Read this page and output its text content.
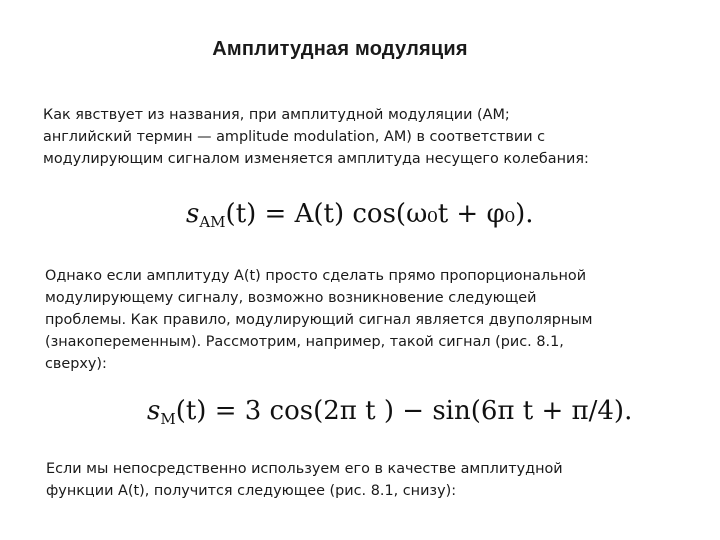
Амплитудная модуляция
Как явствует из названия, при амплитудной модуляции (АМ;
английский термин — amplitude modulation, AM) в соответствии с
модулирующим сигналом изменяется амплитуда несущего колебания:
$s_{AM}(t) = A(t) \cos(\omega_0t + \varphi_0)$.
Однако если амплитуду A(t) просто сделать прямо пропорциональной
модулирующему сигналу, возможно возникновение следующей
проблемы. Как правило, модулирующий сигнал является двуполярным
(знакопеременным). Рассмотрим, например, такой сигнал (рис. 8.1,
сверху):
$s_M(t) = 3$ cos(2π t ) − sin(6π t + π/4).
Если мы непосредственно используем его в качестве амплитудной
функции A(t), получится следующее (рис. 8.1, снизу):
